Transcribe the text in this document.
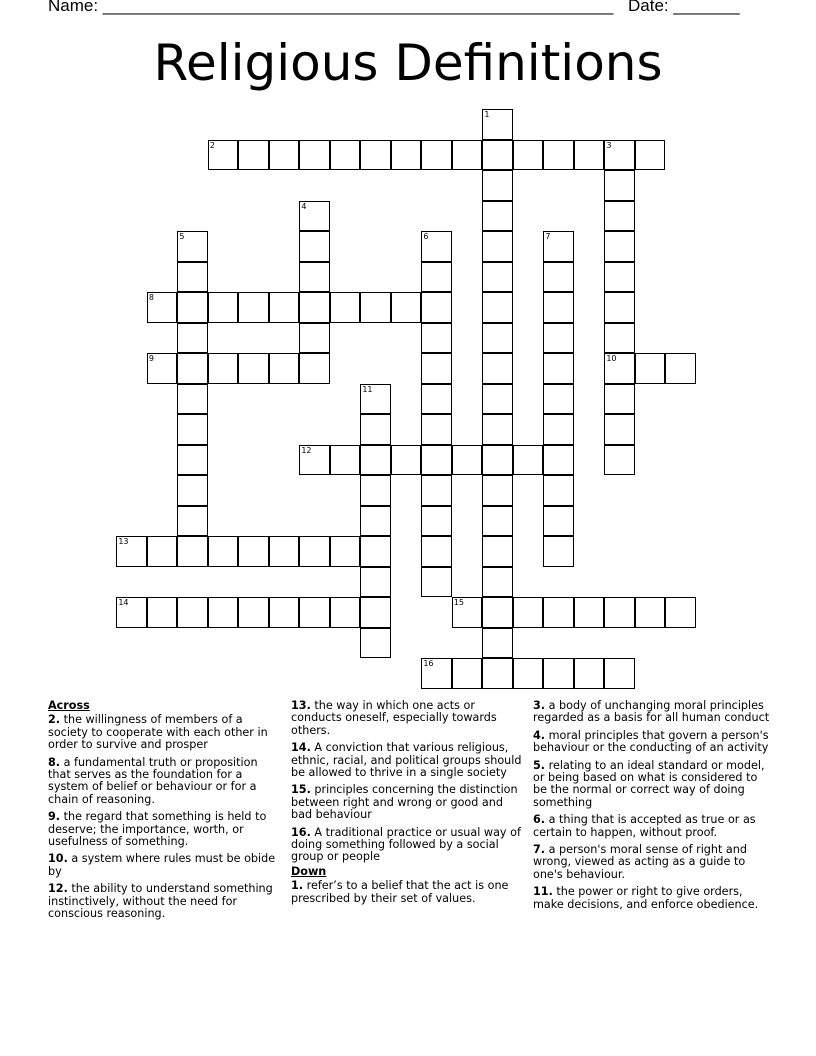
Name: ______________________________________________________ Date: _______
Religious Definitions
1
2	3
10
4
5	6	7
8
9
11
12
13
14	15
16
Across
2. the willingness of members of a society to cooperate with each other in order to survive and prosper
8. a fundamental truth or proposition that serves as the foundation for a system of belief or behaviour or for a chain of reasoning.
9. the regard that something is held to deserve; the importance, worth, or usefulness of something.
10. a system where rules must be obide by
12. the ability to understand something instinctively, without the need for conscious reasoning.
13. the way in which one acts or conducts oneself, especially towards others.
14. A conviction that various religious, ethnic, racial, and political groups should be allowed to thrive in a single society
15. principles concerning the distinction between right and wrong or good and bad behaviour
16. A traditional practice or usual way of doing something followed by a social group or people
Down
1. refer’s to a belief that the act is one prescribed by their set of values.
3. a body of unchanging moral principles regarded as a basis for all human conduct
4. moral principles that govern a person's behaviour or the conducting of an activity
5. relating to an ideal standard or model, or being based on what is considered to be the normal or correct way of doing something
6. a thing that is accepted as true or as certain to happen, without proof.
7. a person's moral sense of right and wrong, viewed as acting as a guide to one's behaviour.
11. the power or right to give orders, make decisions, and enforce obedience.
